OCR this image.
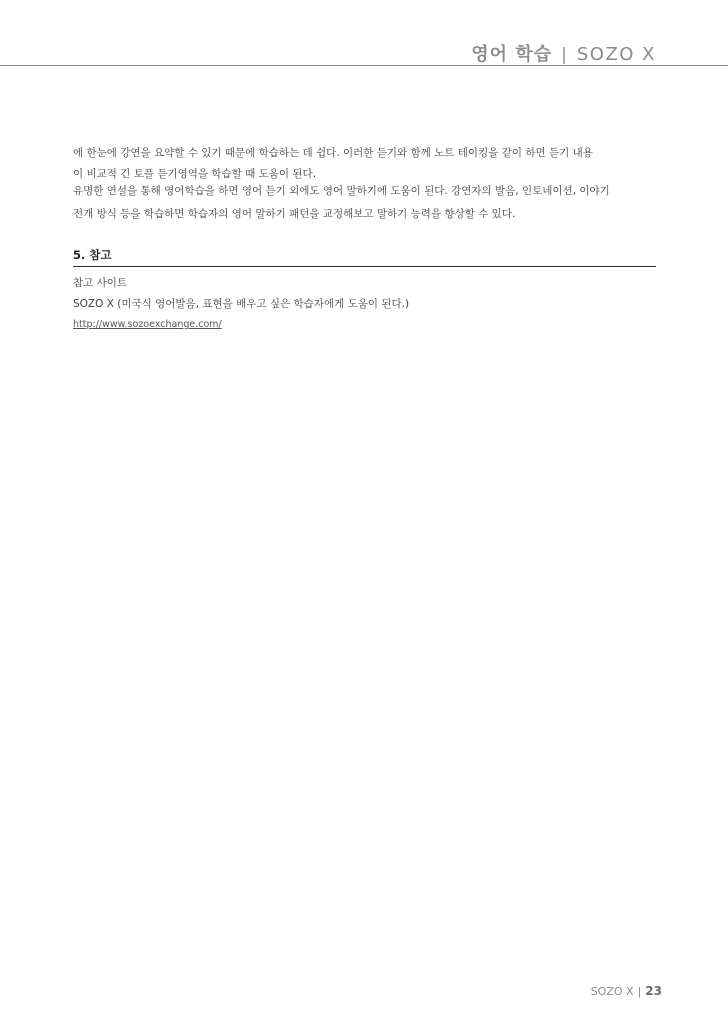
영어 학습 | SOZO X
에 한눈에 강연을 요약할 수 있기 때문에 학습하는 데 쉽다. 이러한 듣기와 함께 노트 테이킹을 같이 하면 듣기 내용
이 비교적 긴 토플 듣기영역을 학습할 때 도움이 된다.
유명한 연설을 통해 영어학습을 하면 영어 듣기 외에도 영어 말하기에 도움이 된다. 강연자의 발음, 인토네이션, 이야기
전개 방식 등을 학습하면 학습자의 영어 말하기 패턴을 교정해보고 말하기 능력을 향상할 수 있다.
5. 참고
참고 사이트
SOZO X (미국식 영어발음, 표현을 배우고 싶은 학습자에게 도움이 된다.)
http://www.sozoexchange.com/
SOZO X | 23
